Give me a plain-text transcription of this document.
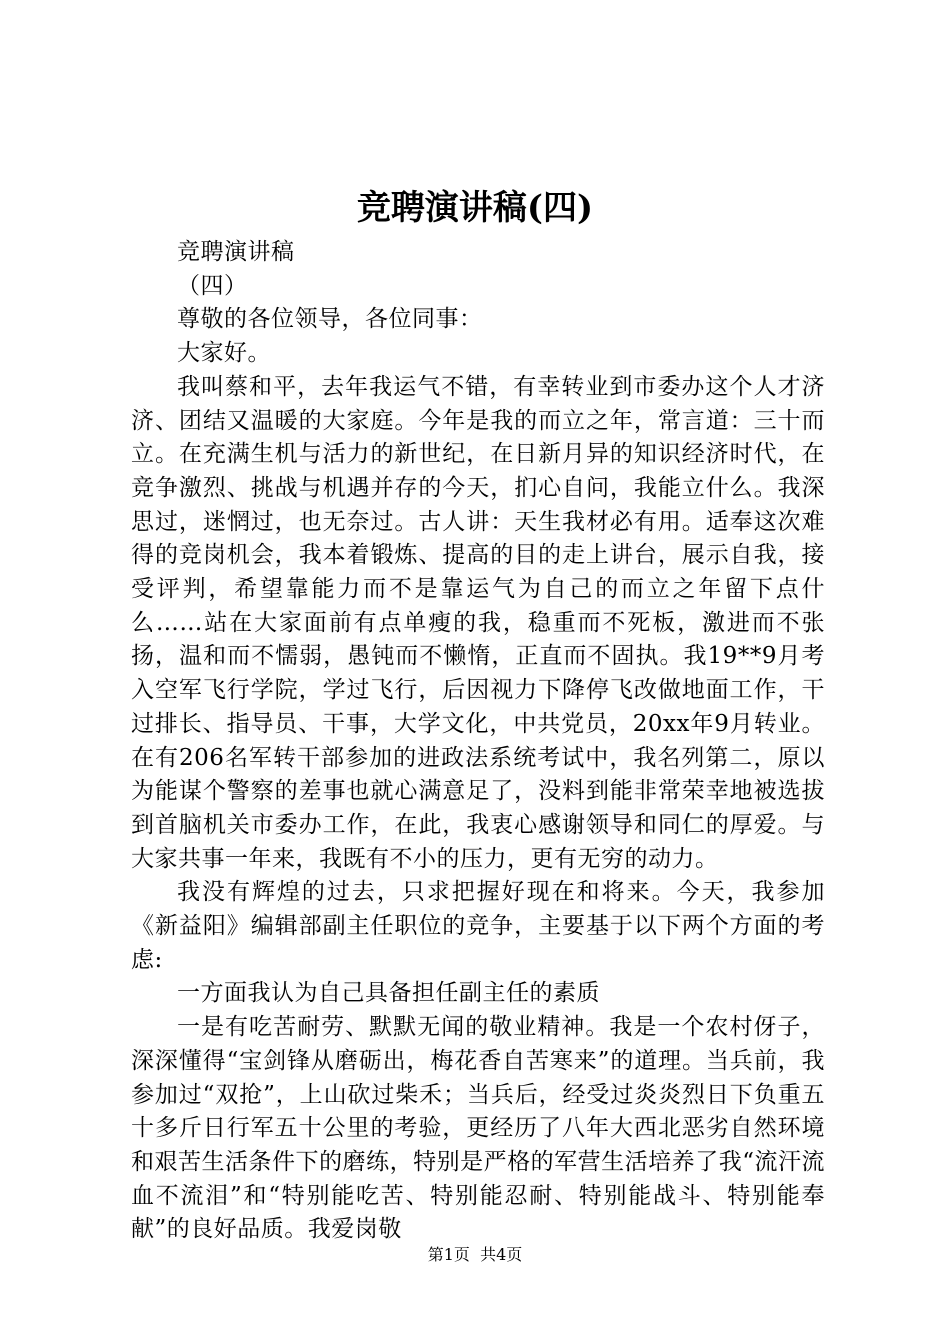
竞聘演讲稿(四)

竞聘演讲稿

（四）

尊敬的各位领导，各位同事：

大家好。

我叫蔡和平，去年我运气不错，有幸转业到市委办这个人才济济、团结又温暖的大家庭。今年是我的而立之年，常言道：三十而立。在充满生机与活力的新世纪，在日新月异的知识经济时代，在竞争激烈、挑战与机遇并存的今天，扪心自问，我能立什么。我深思过，迷惘过，也无奈过。古人讲：天生我材必有用。适奉这次难得的竞岗机会，我本着锻炼、提高的目的走上讲台，展示自我，接受评判，希望靠能力而不是靠运气为自己的而立之年留下点什么……站在大家面前有点单瘦的我，稳重而不死板，激进而不张扬，温和而不懦弱，愚钝而不懒惰，正直而不固执。我19**9月考入空军飞行学院，学过飞行，后因视力下降停飞改做地面工作，干过排长、指导员、干事，大学文化，中共党员，20xx年9月转业。在有206名军转干部参加的进政法系统考试中，我名列第二，原以为能谋个警察的差事也就心满意足了，没料到能非常荣幸地被选拔到首脑机关市委办工作，在此，我衷心感谢领导和同仁的厚爱。与大家共事一年来，我既有不小的压力，更有无穷的动力。

我没有辉煌的过去，只求把握好现在和将来。今天，我参加《新益阳》编辑部副主任职位的竞争，主要基于以下两个方面的考虑:

一方面我认为自己具备担任副主任的素质

一是有吃苦耐劳、默默无闻的敬业精神。我是一个农村伢子，深深懂得“宝剑锋从磨砺出，梅花香自苦寒来”的道理。当兵前，我参加过“双抢”，上山砍过柴禾；当兵后，经受过炎炎烈日下负重五十多斤日行军五十公里的考验，更经历了八年大西北恶劣自然环境和艰苦生活条件下的磨练，特别是严格的军营生活培养了我“流汗流血不流泪”和“特别能吃苦、特别能忍耐、特别能战斗、特别能奉献”的良好品质。我爱岗敬

第1页 共4页
